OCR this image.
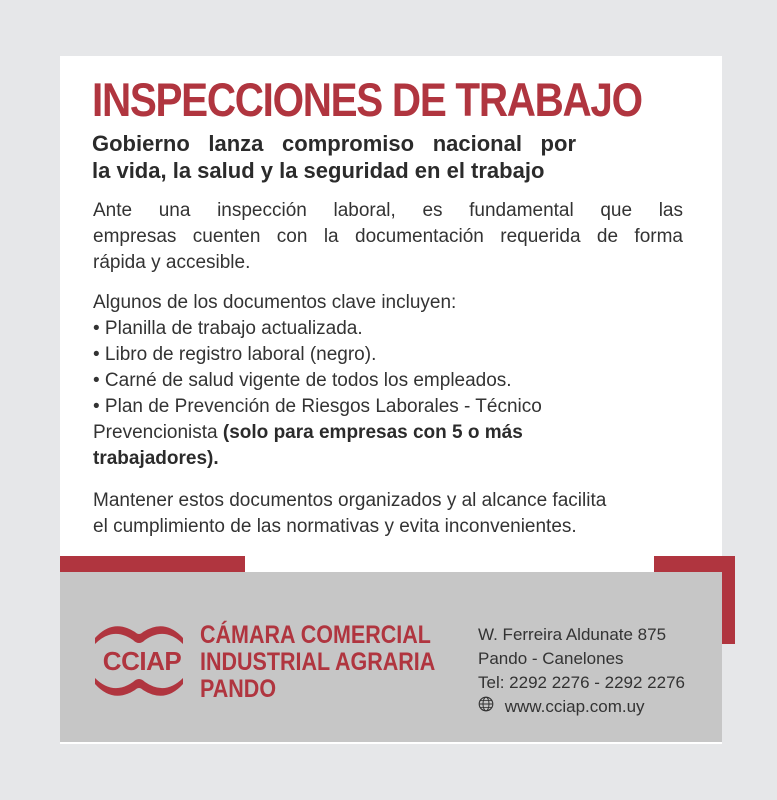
INSPECCIONES DE TRABAJO

Gobierno lanza compromiso nacional por
la vida, la salud y la seguridad en el trabajo

Ante una inspección laboral, es fundamental que las
empresas cuenten con la documentación requerida de forma
rápida y accesible.

Algunos de los documentos clave incluyen:
• Planilla de trabajo actualizada.
• Libro de registro laboral (negro).
• Carné de salud vigente de todos los empleados.
• Plan de Prevención de Riesgos Laborales - Técnico
Prevencionista (solo para empresas con 5 o más
trabajadores).

Mantener estos documentos organizados y al alcance facilita
el cumplimiento de las normativas y evita inconvenientes.

CCIAP

CÁMARA COMERCIAL
INDUSTRIAL AGRARIA
PANDO

W. Ferreira Aldunate 875
Pando - Canelones
Tel: 2292 2276 - 2292 2276
www.cciap.com.uy
